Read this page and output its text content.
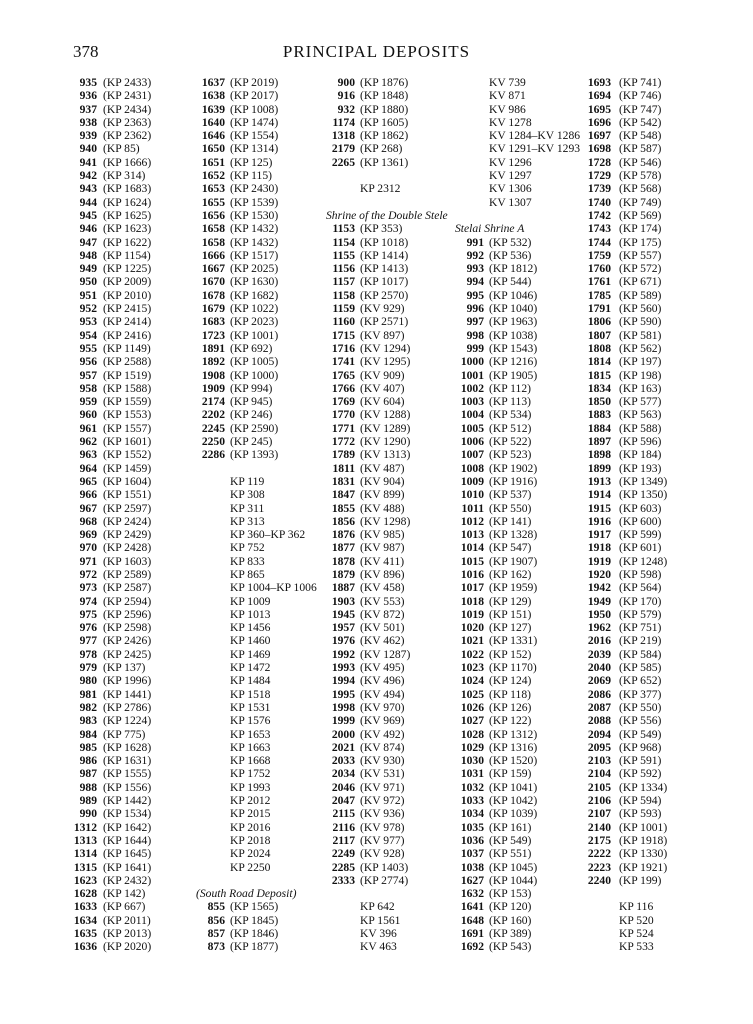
378	PRINCIPAL DEPOSITS
935 (KP 2433)
936 (KP 2431)
937 (KP 2434)
938 (KP 2363)
939 (KP 2362)
940 (KP 85)
941 (KP 1666)
942 (KP 314)
943 (KP 1683)
944 (KP 1624)
945 (KP 1625)
946 (KP 1623)
947 (KP 1622)
948 (KP 1154)
949 (KP 1225)
950 (KP 2009)
951 (KP 2010)
952 (KP 2415)
953 (KP 2414)
954 (KP 2416)
955 (KP 1149)
956 (KP 2588)
957 (KP 1519)
958 (KP 1588)
959 (KP 1559)
960 (KP 1553)
961 (KP 1557)
962 (KP 1601)
963 (KP 1552)
964 (KP 1459)
965 (KP 1604)
966 (KP 1551)
967 (KP 2597)
968 (KP 2424)
969 (KP 2429)
970 (KP 2428)
971 (KP 1603)
972 (KP 2589)
973 (KP 2587)
974 (KP 2594)
975 (KP 2596)
976 (KP 2598)
977 (KP 2426)
978 (KP 2425)
979 (KP 137)
980 (KP 1996)
981 (KP 1441)
982 (KP 2786)
983 (KP 1224)
984 (KP 775)
985 (KP 1628)
986 (KP 1631)
987 (KP 1555)
988 (KP 1556)
989 (KP 1442)
990 (KP 1534)
1312 (KP 1642)
1313 (KP 1644)
1314 (KP 1645)
1315 (KP 1641)
1623 (KP 2432)
1628 (KP 142)
1633 (KP 667)
1634 (KP 2011)
1635 (KP 2013)
1636 (KP 2020)
1637 (KP 2019)
1638 (KP 2017)
1639 (KP 1008)
1640 (KP 1474)
1646 (KP 1554)
1650 (KP 1314)
1651 (KP 125)
1652 (KP 115)
1653 (KP 2430)
1655 (KP 1539)
1656 (KP 1530)
1658 (KP 1432)
1658 (KP 1432)
1666 (KP 1517)
1667 (KP 2025)
1670 (KP 1630)
1678 (KP 1682)
1679 (KP 1022)
1683 (KP 2023)
1723 (KP 1001)
1891 (KP 692)
1892 (KP 1005)
1908 (KP 1000)
1909 (KP 994)
2174 (KP 945)
2202 (KP 246)
2245 (KP 2590)
2250 (KP 245)
2286 (KP 1393)
KP 119
KP 308
KP 311
KP 313
KP 360–KP 362
KP 752
KP 833
KP 865
KP 1004–KP 1006
KP 1009
KP 1013
KP 1456
KP 1460
KP 1469
KP 1472
KP 1484
KP 1518
KP 1531
KP 1576
KP 1653
KP 1663
KP 1668
KP 1752
KP 1993
KP 2012
KP 2015
KP 2016
KP 2018
KP 2024
KP 2250
(South Road Deposit)
855 (KP 1565)
856 (KP 1845)
857 (KP 1846)
873 (KP 1877)
900 (KP 1876)
916 (KP 1848)
932 (KP 1880)
1174 (KP 1605)
1318 (KP 1862)
2179 (KP 268)
2265 (KP 1361)
KP 2312
Shrine of the Double Stele
1153 (KP 353)
1154 (KP 1018)
1155 (KP 1414)
1156 (KP 1413)
1157 (KP 1017)
1158 (KP 2570)
1159 (KV 929)
1160 (KP 2571)
1715 (KV 897)
1716 (KV 1294)
1741 (KV 1295)
1765 (KV 909)
1766 (KV 407)
1769 (KV 604)
1770 (KV 1288)
1771 (KV 1289)
1772 (KV 1290)
1789 (KV 1313)
1811 (KV 487)
1831 (KV 904)
1847 (KV 899)
1855 (KV 488)
1856 (KV 1298)
1876 (KV 985)
1877 (KV 987)
1878 (KV 411)
1879 (KV 896)
1887 (KV 458)
1903 (KV 553)
1945 (KV 872)
1957 (KV 501)
1976 (KV 462)
1992 (KV 1287)
1993 (KV 495)
1994 (KV 496)
1995 (KV 494)
1998 (KV 970)
1999 (KV 969)
2000 (KV 492)
2021 (KV 874)
2033 (KV 930)
2034 (KV 531)
2046 (KV 971)
2047 (KV 972)
2115 (KV 936)
2116 (KV 978)
2117 (KV 977)
2249 (KV 928)
2285 (KP 1403)
2333 (KP 2774)
KP 642
KP 1561
KV 396
KV 463
KV 739
KV 871
KV 986
KV 1278
KV 1284–KV 1286
KV 1291–KV 1293
KV 1296
KV 1297
KV 1306
KV 1307
Stelai Shrine A
991 (KP 532)
992 (KP 536)
993 (KP 1812)
994 (KP 544)
995 (KP 1046)
996 (KP 1040)
997 (KP 1963)
998 (KP 1038)
999 (KP 1543)
1000 (KP 1216)
1001 (KP 1905)
1002 (KP 112)
1003 (KP 113)
1004 (KP 534)
1005 (KP 512)
1006 (KP 522)
1007 (KP 523)
1008 (KP 1902)
1009 (KP 1916)
1010 (KP 537)
1011 (KP 550)
1012 (KP 141)
1013 (KP 1328)
1014 (KP 547)
1015 (KP 1907)
1016 (KP 162)
1017 (KP 1959)
1018 (KP 129)
1019 (KP 151)
1020 (KP 127)
1021 (KP 1331)
1022 (KP 152)
1023 (KP 1170)
1024 (KP 124)
1025 (KP 118)
1026 (KP 126)
1027 (KP 122)
1028 (KP 1312)
1029 (KP 1316)
1030 (KP 1520)
1031 (KP 159)
1032 (KP 1041)
1033 (KP 1042)
1034 (KP 1039)
1035 (KP 161)
1036 (KP 549)
1037 (KP 551)
1038 (KP 1045)
1627 (KP 1044)
1632 (KP 153)
1641 (KP 120)
1648 (KP 160)
1691 (KP 389)
1692 (KP 543)
1693 (KP 741)
1694 (KP 746)
1695 (KP 747)
1696 (KP 542)
1697 (KP 548)
1698 (KP 587)
1728 (KP 546)
1729 (KP 578)
1739 (KP 568)
1740 (KP 749)
1742 (KP 569)
1743 (KP 174)
1744 (KP 175)
1759 (KP 557)
1760 (KP 572)
1761 (KP 671)
1785 (KP 589)
1791 (KP 560)
1806 (KP 590)
1807 (KP 581)
1808 (KP 562)
1814 (KP 197)
1815 (KP 198)
1834 (KP 163)
1850 (KP 577)
1883 (KP 563)
1884 (KP 588)
1897 (KP 596)
1898 (KP 184)
1899 (KP 193)
1913 (KP 1349)
1914 (KP 1350)
1915 (KP 603)
1916 (KP 600)
1917 (KP 599)
1918 (KP 601)
1919 (KP 1248)
1920 (KP 598)
1942 (KP 564)
1949 (KP 170)
1950 (KP 579)
1962 (KP 751)
2016 (KP 219)
2039 (KP 584)
2040 (KP 585)
2069 (KP 652)
2086 (KP 377)
2087 (KP 550)
2088 (KP 556)
2094 (KP 549)
2095 (KP 968)
2103 (KP 591)
2104 (KP 592)
2105 (KP 1334)
2106 (KP 594)
2107 (KP 593)
2140 (KP 1001)
2175 (KP 1918)
2222 (KP 1330)
2223 (KP 1921)
2240 (KP 199)
KP 116
KP 520
KP 524
KP 533
